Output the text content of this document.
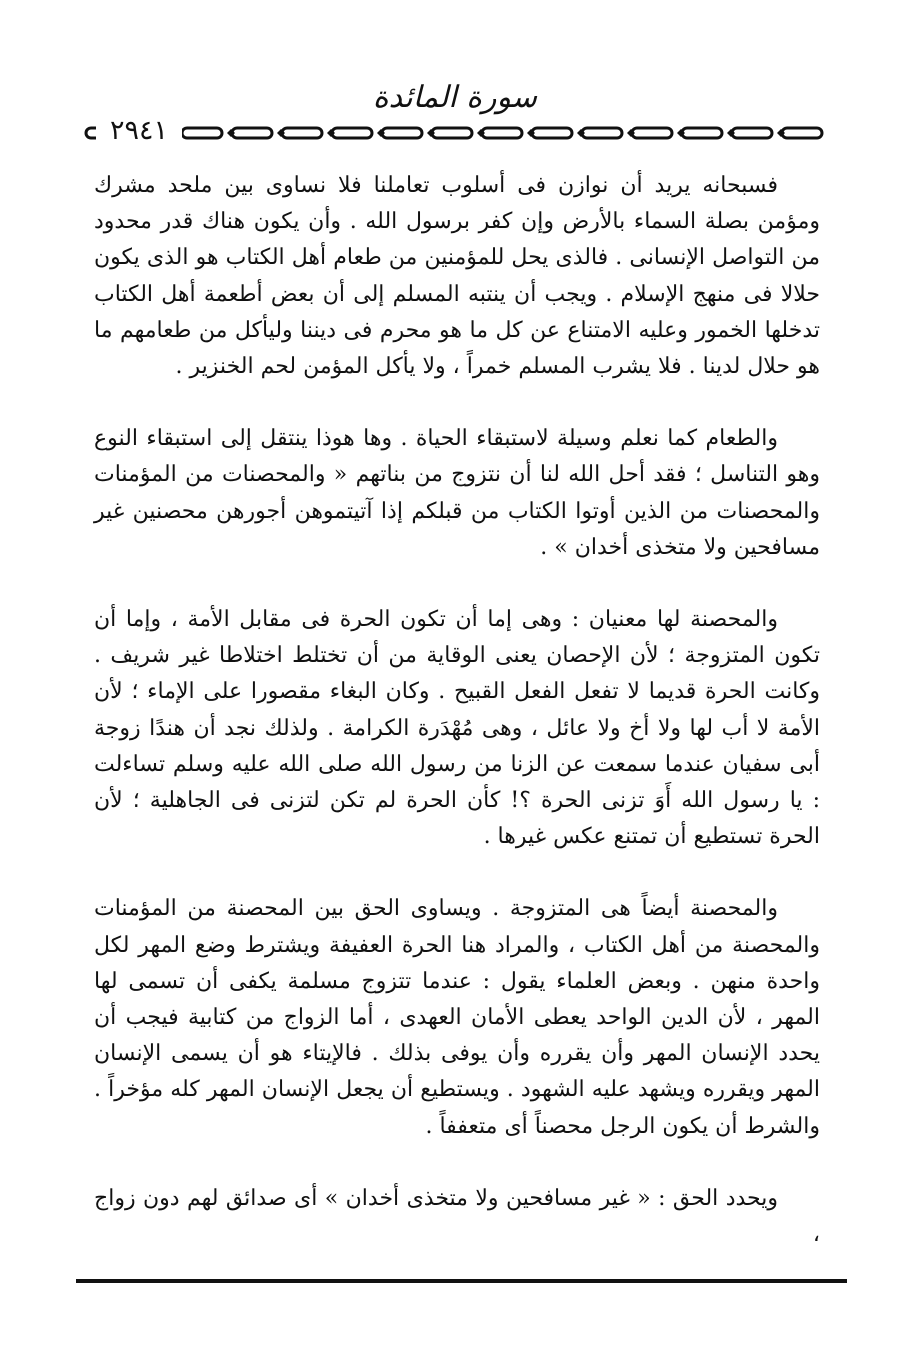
سورة المائدة
٢٩٤١

فسبحانه يريد أن نوازن فى أسلوب تعاملنا فلا نساوى بين ملحد مشرك ومؤمن بصلة السماء بالأرض وإن كفر برسول الله . وأن يكون هناك قدر محدود من التواصل الإنسانى . فالذى يحل للمؤمنين من طعام أهل الكتاب هو الذى يكون حلالا فى منهج الإسلام . ويجب أن ينتبه المسلم إلى أن بعض أطعمة أهل الكتاب تدخلها الخمور وعليه الامتناع عن كل ما هو محرم فى ديننا وليأكل من طعامهم ما هو حلال لدينا . فلا يشرب المسلم خمراً ، ولا يأكل المؤمن لحم الخنزير .

والطعام كما نعلم وسيلة لاستبقاء الحياة . وها هوذا ينتقل إلى استبقاء النوع وهو التناسل ؛ فقد أحل الله لنا أن نتزوج من بناتهم « والمحصنات من المؤمنات والمحصنات من الذين أوتوا الكتاب من قبلكم إذا آتيتموهن أجورهن محصنين غير مسافحين ولا متخذى أخدان » .

والمحصنة لها معنيان : وهى إما أن تكون الحرة فى مقابل الأمة ، وإما أن تكون المتزوجة ؛ لأن الإحصان يعنى الوقاية من أن تختلط اختلاطا غير شريف . وكانت الحرة قديما لا تفعل الفعل القبيح . وكان البغاء مقصورا على الإماء ؛ لأن الأمة لا أب لها ولا أخ ولا عائل ، وهى مُهْدَرة الكرامة . ولذلك نجد أن هندًا زوجة أبى سفيان عندما سمعت عن الزنا من رسول الله صلى الله عليه وسلم تساءلت : يا رسول الله أَوَ تزنى الحرة ؟! كأن الحرة لم تكن لتزنى فى الجاهلية ؛ لأن الحرة تستطيع أن تمتنع عكس غيرها .

والمحصنة أيضاً هى المتزوجة . ويساوى الحق بين المحصنة من المؤمنات والمحصنة من أهل الكتاب ، والمراد هنا الحرة العفيفة ويشترط وضع المهر لكل واحدة منهن . وبعض العلماء يقول : عندما تتزوج مسلمة يكفى أن تسمى لها المهر ، لأن الدين الواحد يعطى الأمان العهدى ، أما الزواج من كتابية فيجب أن يحدد الإنسان المهر وأن يقرره وأن يوفى بذلك . فالإيتاء هو أن يسمى الإنسان المهر ويقرره ويشهد عليه الشهود . ويستطيع أن يجعل الإنسان المهر كله مؤخراً . والشرط أن يكون الرجل محصناً أى متعففاً .

ويحدد الحق : « غير مسافحين ولا متخذى أخدان » أى صدائق لهم دون زواج ،
